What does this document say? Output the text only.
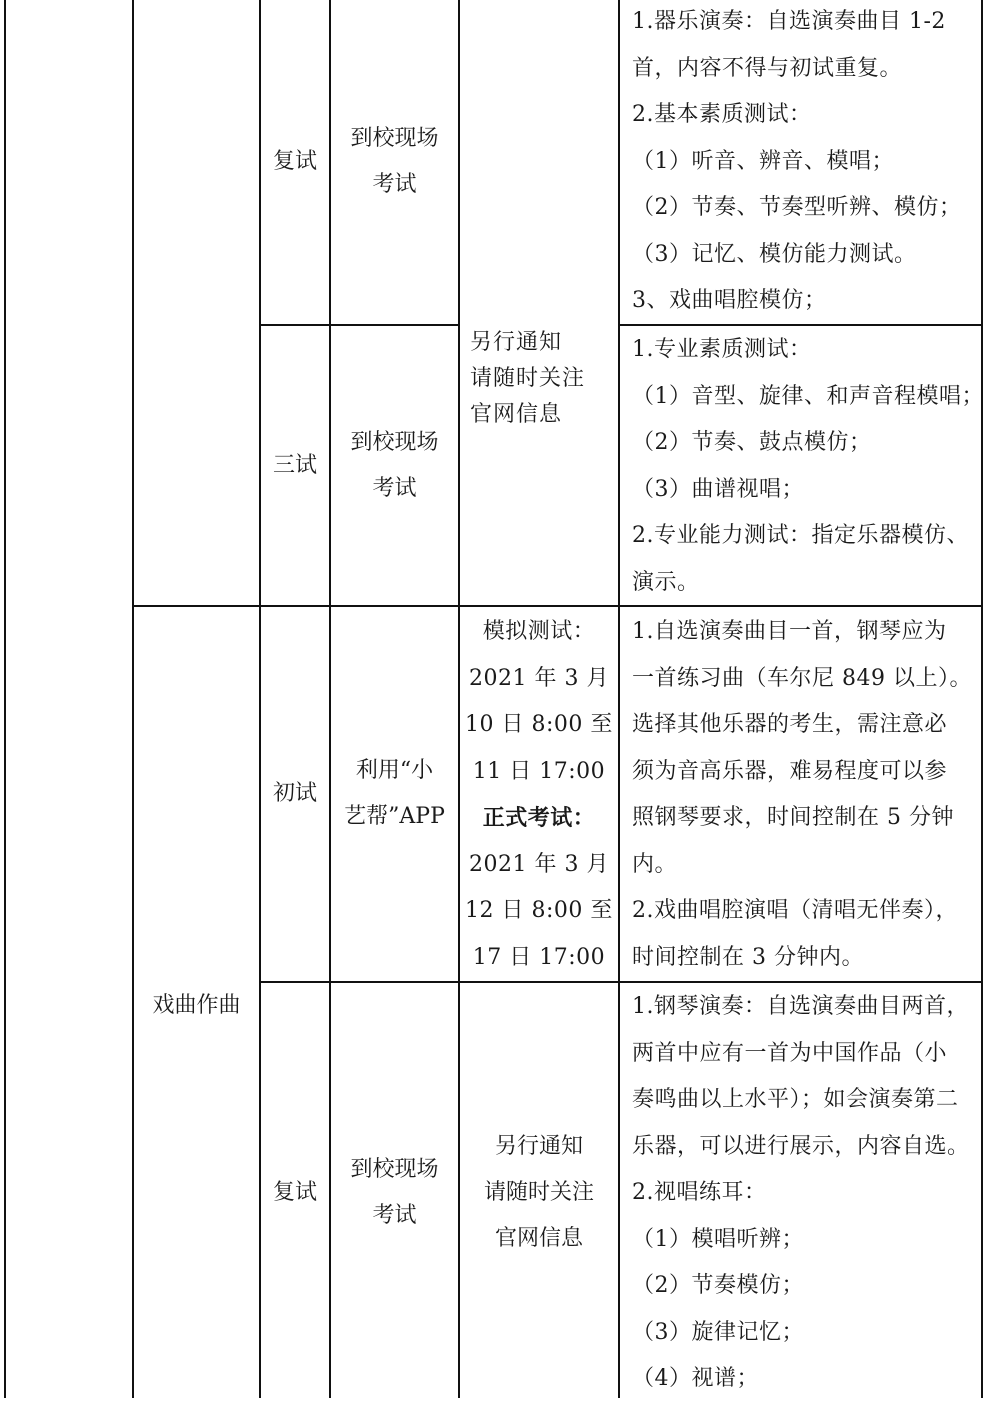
复试
到校现场
考试
1.器乐演奏：自选演奏曲目 1-2
首，内容不得与初试重复。
2.基本素质测试：
（1）听音、辨音、模唱；
（2）节奏、节奏型听辨、模仿；
（3）记忆、模仿能力测试。
3、戏曲唱腔模仿；
三试
到校现场
考试
1.专业素质测试：
（1）音型、旋律、和声音程模唱；
（2）节奏、鼓点模仿；
（3）曲谱视唱；
2.专业能力测试：指定乐器模仿、
演示。
另行通知
请随时关注
官网信息
戏曲作曲
初试
利用“小
艺帮”APP
模拟测试：
2021 年 3 月
10 日 8:00 至
11 日 17:00
正式考试：
2021 年 3 月
12 日 8:00 至
17 日 17:00
1.自选演奏曲目一首，钢琴应为
一首练习曲（车尔尼 849 以上）。
选择其他乐器的考生，需注意必
须为音高乐器，难易程度可以参
照钢琴要求，时间控制在 5 分钟
内。
2.戏曲唱腔演唱（清唱无伴奏），
时间控制在 3 分钟内。
复试
到校现场
考试
另行通知
请随时关注
官网信息
1.钢琴演奏：自选演奏曲目两首，
两首中应有一首为中国作品（小
奏鸣曲以上水平）；如会演奏第二
乐器，可以进行展示，内容自选。
2.视唱练耳：
（1）模唱听辨；
（2）节奏模仿；
（3）旋律记忆；
（4）视谱；
